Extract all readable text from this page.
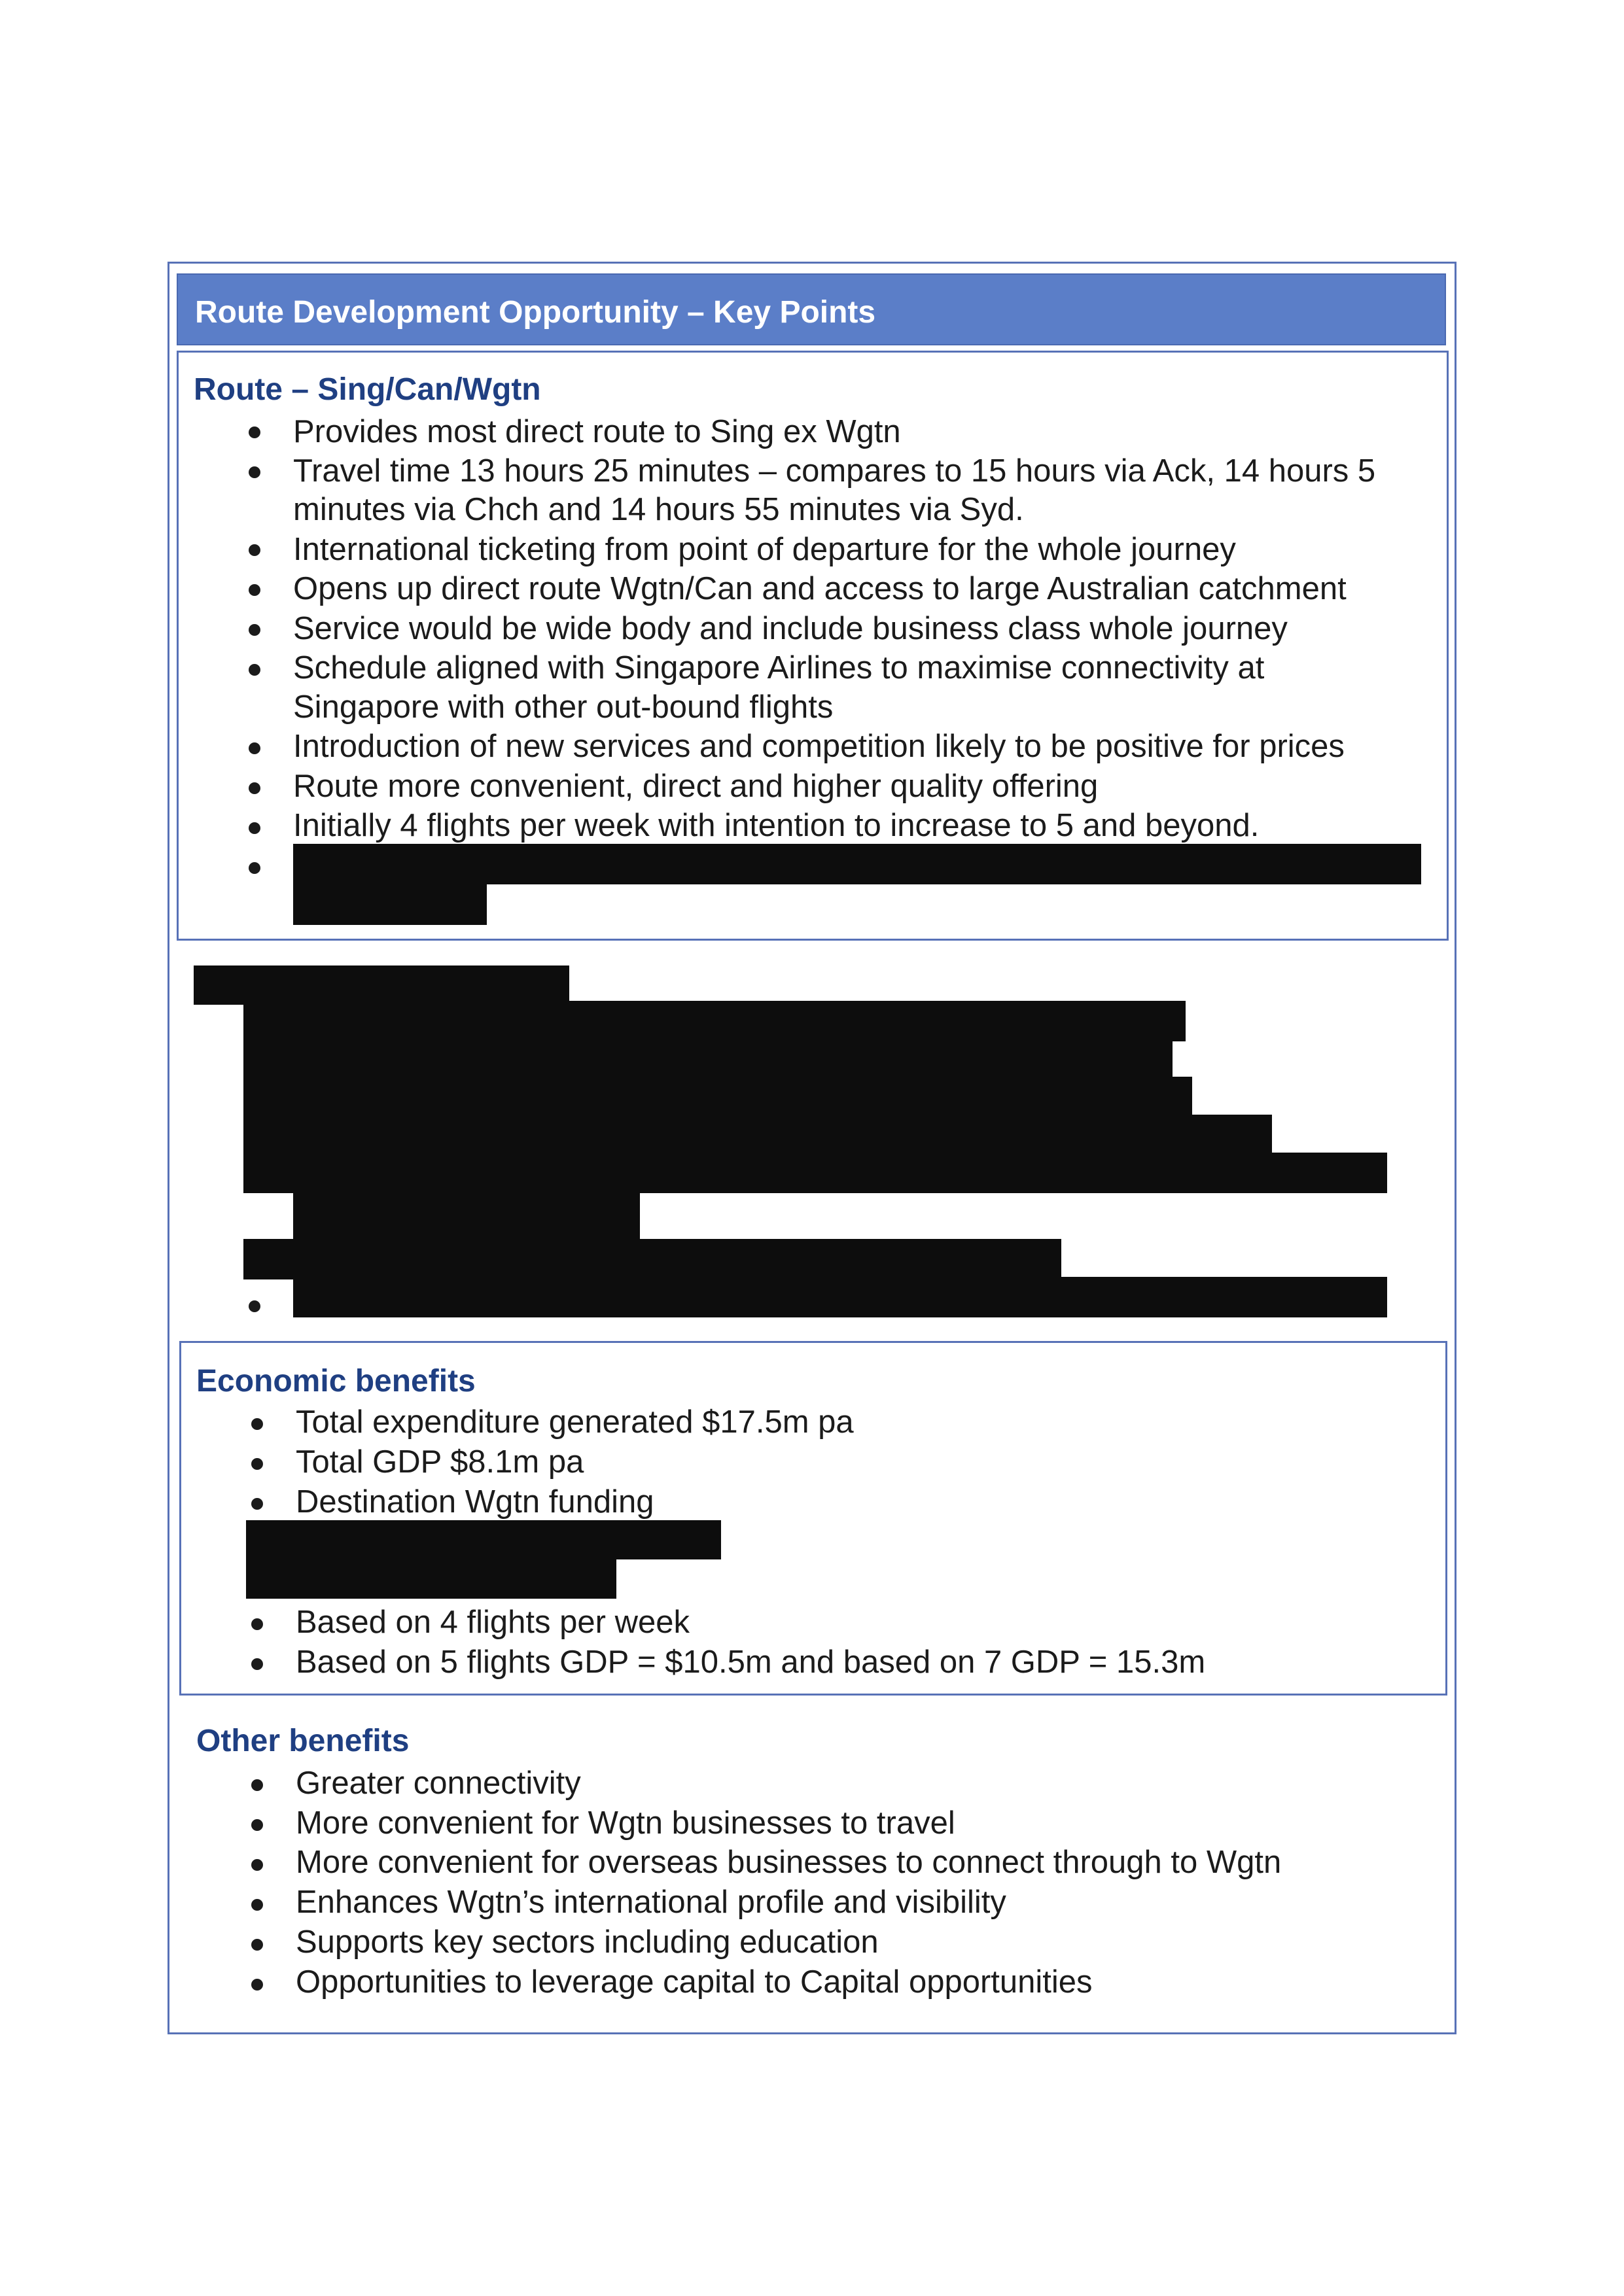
Route Development Opportunity – Key Points
Route – Sing/Can/Wgtn
Provides most direct route to Sing ex Wgtn
Travel time 13 hours 25 minutes – compares to 15 hours via Ack, 14 hours 5
minutes via Chch and 14 hours 55 minutes via Syd.
International ticketing from point of departure for the whole journey
Opens up direct route Wgtn/Can and access to large Australian catchment
Service would be wide body and include business class whole journey
Schedule aligned with Singapore Airlines to maximise connectivity at
Singapore with other out-bound flights
Introduction of new services and competition likely to be positive for prices
Route more convenient, direct and higher quality offering
Initially 4 flights per week with intention to increase to 5 and beyond.
Economic benefits
Total expenditure generated $17.5m pa
Total GDP $8.1m pa
Destination Wgtn funding
Based on 4 flights per week
Based on 5 flights GDP = $10.5m and based on 7 GDP = 15.3m
Other benefits
Greater connectivity
More convenient for Wgtn businesses to travel
More convenient for overseas businesses to connect through to Wgtn
Enhances Wgtn’s international profile and visibility
Supports key sectors including education
Opportunities to leverage capital to Capital opportunities
